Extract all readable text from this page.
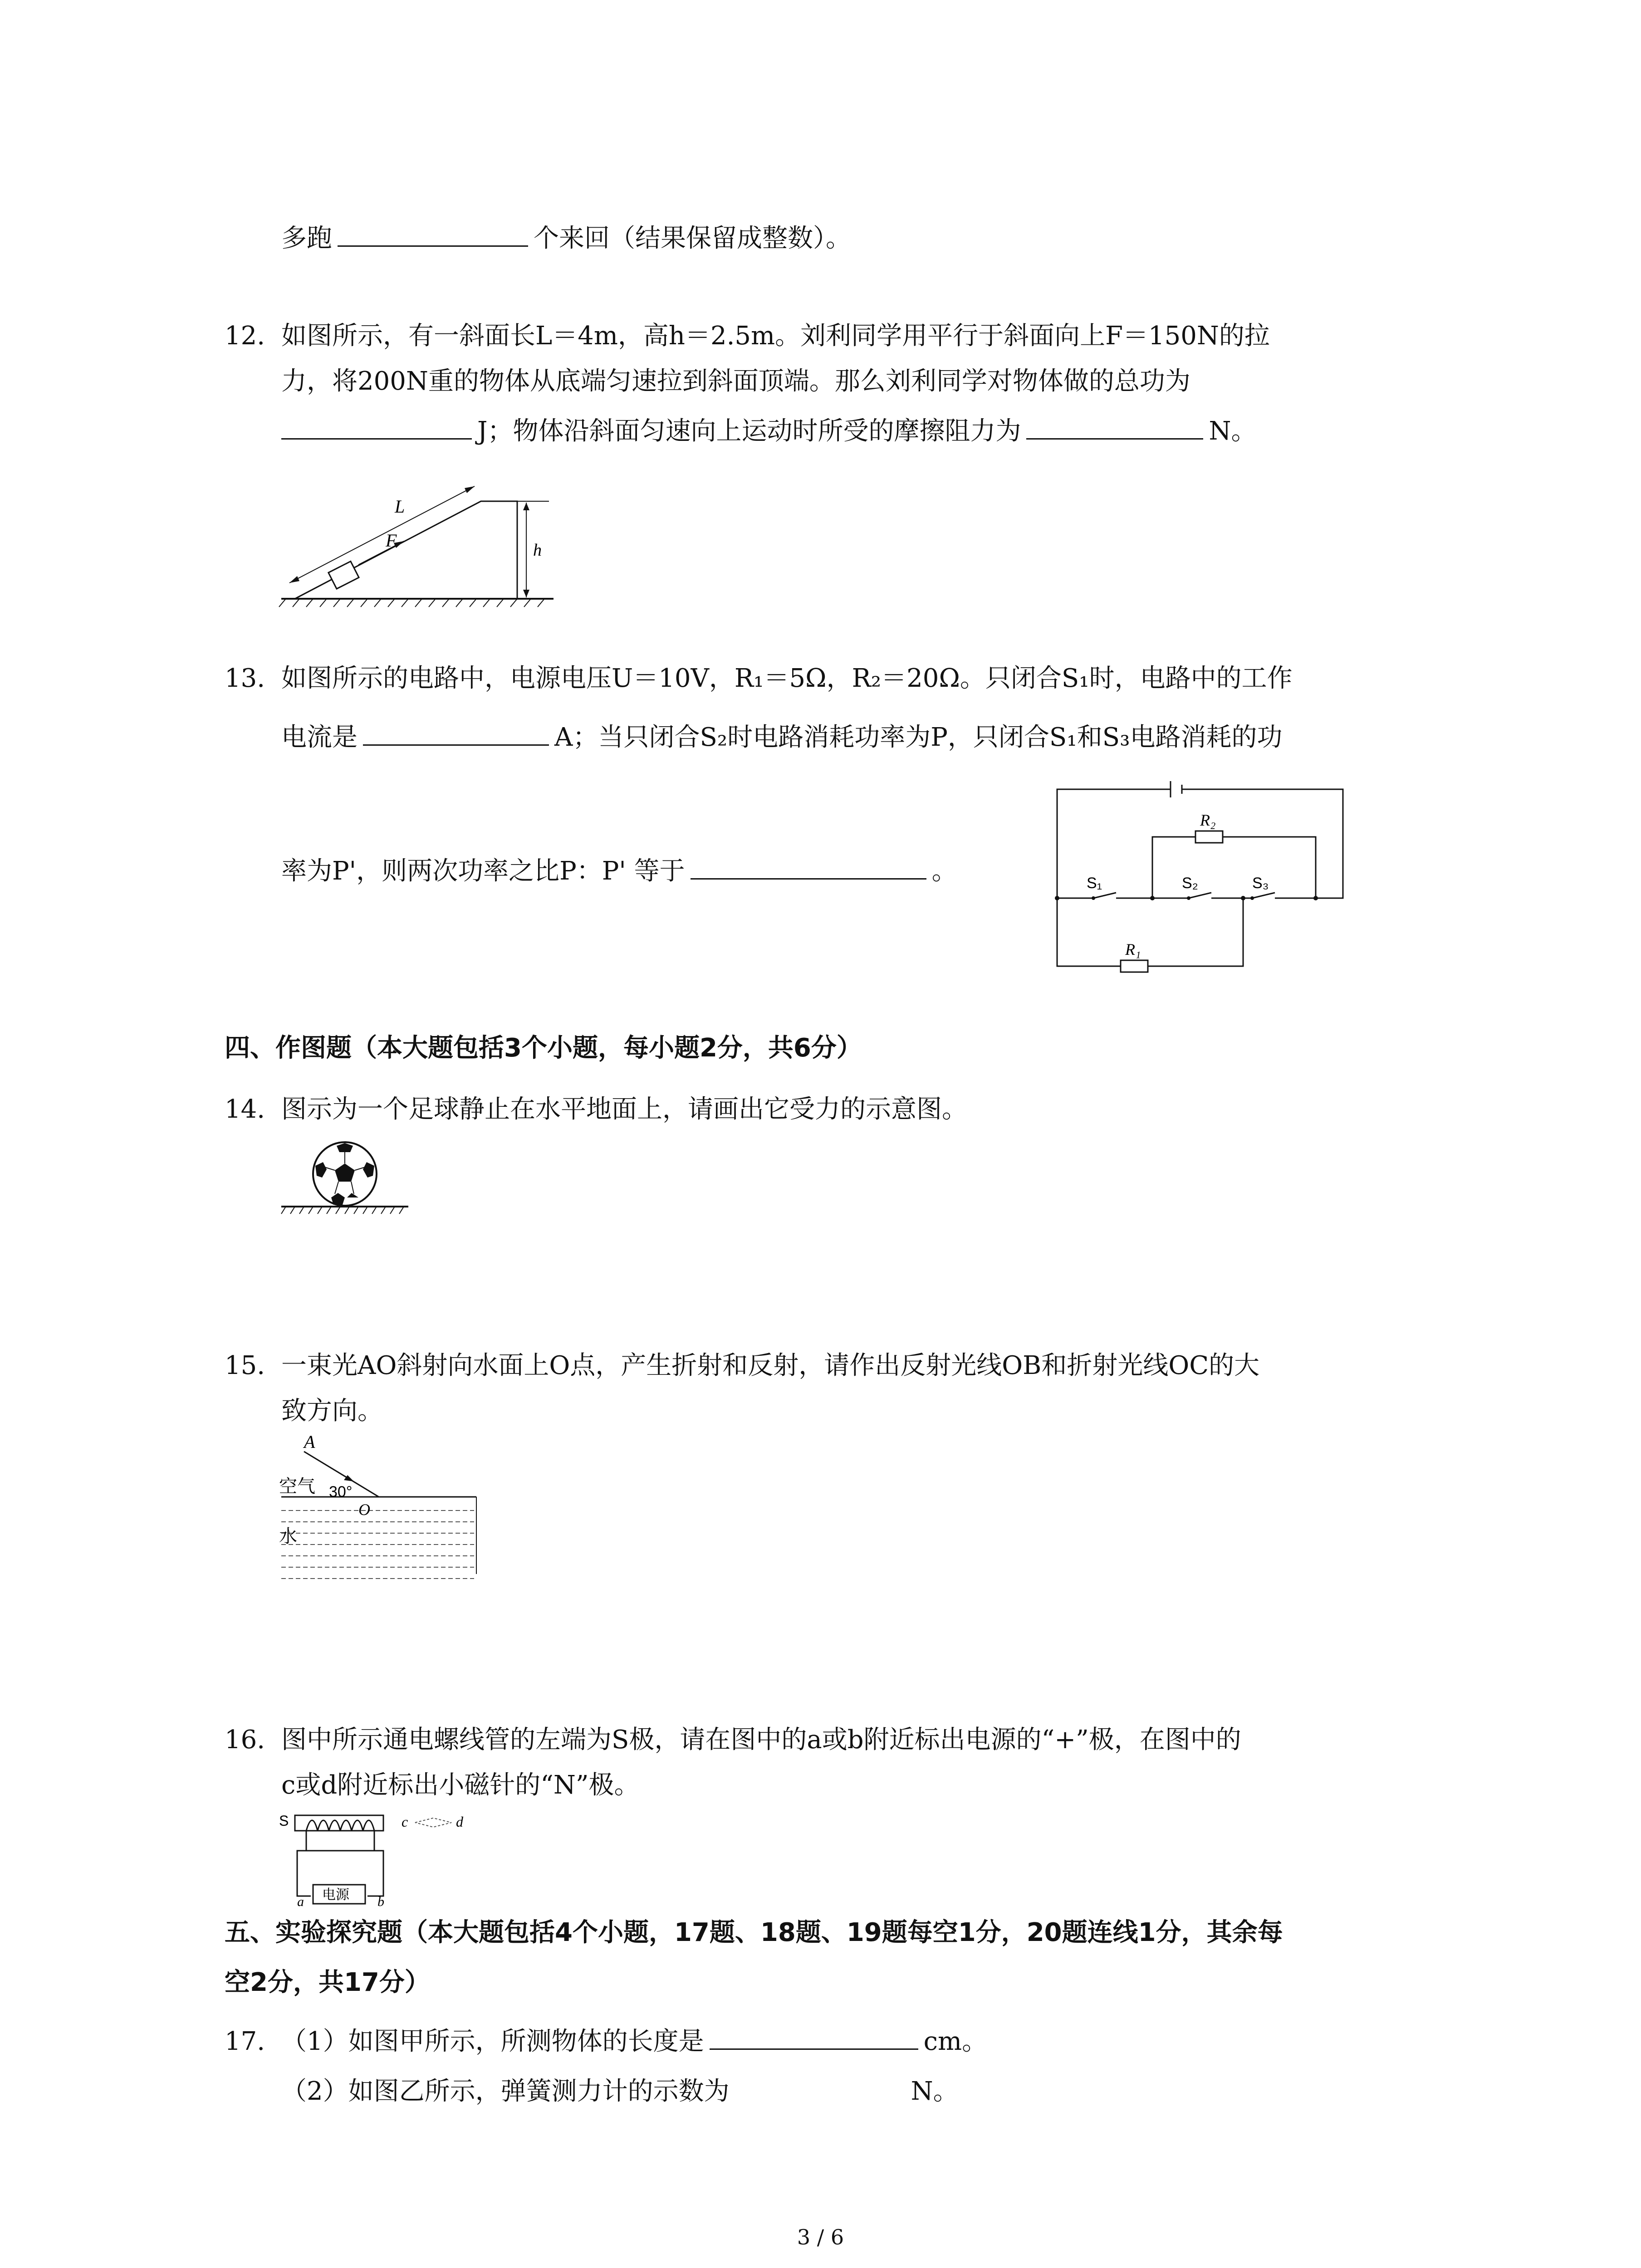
多跑	个来回（结果保留成整数）。
12. 如图所示，有一斜面长L＝4m，高h＝2.5m。刘利同学用平行于斜面向上F＝150N的拉
力，将200N重的物体从底端匀速拉到斜面顶端。那么刘利同学对物体做的总功为
J；物体沿斜面匀速向上运动时所受的摩擦阻力为	N。
L
F	h
13. 如图所示的电路中，电源电压U＝10V，R₁＝5Ω，R₂＝20Ω。只闭合S₁时，电路中的工作
电流是	A；当只闭合S₂时电路消耗功率为P，只闭合S₁和S₃电路消耗的功
率为P'，则两次功率之比P：P' 等于	。
R₂
R₁
S₁	S₂	S₃
四、作图题（本大题包括3个小题，每小题2分，共6分）
14. 图示为一个足球静止在水平地面上，请画出它受力的示意图。
15. 一束光AO斜射向水面上O点，产生折射和反射，请作出反射光线OB和折射光线OC的大
致方向。
A
30°
空气
O
水
16. 图中所示通电螺线管的左端为S极，请在图中的a或b附近标出电源的“+”极，在图中的
c或d附近标出小磁针的“N”极。
S
电源
a	b
c	d
五、实验探究题（本大题包括4个小题，17题、18题、19题每空1分，20题连线1分，其余每
空2分，共17分）
17. （1）如图甲所示，所测物体的长度是	cm。
（2）如图乙所示，弹簧测力计的示数为	N。
3 / 6
